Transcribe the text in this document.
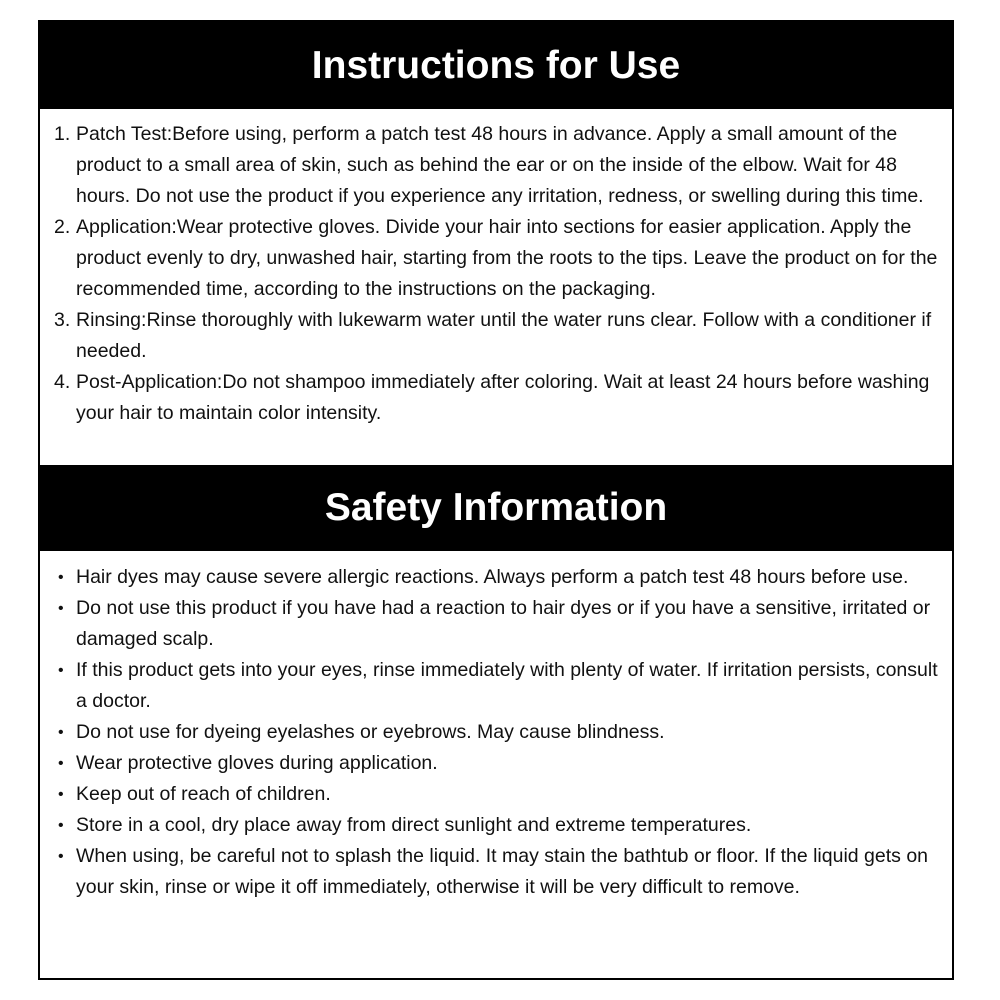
Instructions for Use
1. Patch Test:Before using, perform a patch test 48 hours in advance. Apply a small amount of the product to a small area of skin, such as behind the ear or on the inside of the elbow. Wait for 48 hours. Do not use the product if you experience any irritation, redness, or swelling during this time.
2. Application:Wear protective gloves. Divide your hair into sections for easier application. Apply the product evenly to dry, unwashed hair, starting from the roots to the tips. Leave the product on for the recommended time, according to the instructions on the packaging.
3. Rinsing:Rinse thoroughly with lukewarm water until the water runs clear. Follow with a conditioner if needed.
4. Post-Application:Do not shampoo immediately after coloring. Wait at least 24 hours before washing your hair to maintain color intensity.
Safety Information
• Hair dyes may cause severe allergic reactions. Always perform a patch test 48 hours before use.
• Do not use this product if you have had a reaction to hair dyes or if you have a sensitive, irritated or damaged scalp.
• If this product gets into your eyes, rinse immediately with plenty of water. If irritation persists, consult a doctor.
• Do not use for dyeing eyelashes or eyebrows. May cause blindness.
• Wear protective gloves during application.
• Keep out of reach of children.
• Store in a cool, dry place away from direct sunlight and extreme temperatures.
• When using, be careful not to splash the liquid. It may stain the bathtub or floor. If the liquid gets on your skin, rinse or wipe it off immediately, otherwise it will be very difficult to remove.
